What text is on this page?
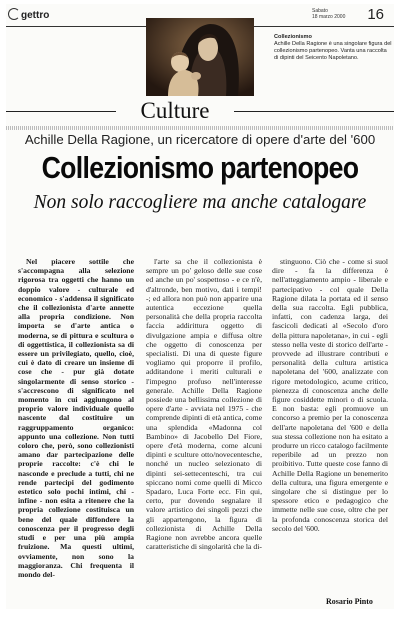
gettro	Sabato
18 marzo 2000 16
Collezionismo
Achille Della Ragione è una singolare figura del collezionismo partenopeo. Vanta una raccolta di dipinti del Seicento Napoletano.
Culture
Achille Della Ragione, un ricercatore di opere d'arte del '600
Collezionismo partenopeo
Non solo raccogliere ma anche catalogare

Nel piacere sottile che s'accompagna alla selezione rigorosa tra oggetti che hanno un doppio valore - culturale ed economico - s'addensa il significato che il collezionista d'arte annette alla propria condizione. Non importa se d'arte antica o moderna, se di pittura e scultura o di oggettistica, il collezionista sa di essere un privilegiato, quello, cioè, cui è dato di creare un insieme di cose che - pur già dotate singolarmente di senso storico - s'accrescono di significato nel momento in cui aggiungono al proprio valore individuale quello nascente dal costituire un raggruppamento organico: appunto una collezione. Non tutti coloro che, però, sono collezionisti amano dar partecipazione delle proprie raccolte: c'è chi le nasconde e preclude a tutti, chi ne rende partecipi del godimento estetico solo pochi intimi, chi - infine - non esita a ritenere che la propria collezione costituisca un bene del quale diffondere la conoscenza per il progresso degli studi e per una più ampia fruizione. Ma questi ultimi, ovviamente, non sono la maggioranza. Chi frequenta il mondo del-

l'arte sa che il collezionista è sempre un po' geloso delle sue cose ed anche un po' sospettoso - e ce n'è, d'altronde, ben motivo, dati i tempi! -; ed allora non può non apparire una autentica eccezione quella personalità che della propria raccolta faccia addirittura oggetto di divulgazione ampia e diffusa oltre che oggetto di conoscenza per specialisti. Di una di queste figure vogliamo qui proporre il profilo, additandone i meriti culturali e l'impegno profuso nell'interesse generale. Achille Della Ragione possiede una bellissima collezione di opere d'arte - avviata nel 1975 - che comprende dipinti di età antica, come una splendida «Madonna col Bambino» di Jacobello Del Fiore, opere d'età moderna, come alcuni dipinti e sculture otto/novecentesche, nonché un nucleo selezionato di dipinti sei-settecenteschi, tra cui spiccano nomi come quelli di Micco Spadaro, Luca Forte ecc. Fin qui, certo, pur dovendo segnalare il valore artistico dei singoli pezzi che gli appartengono, la figura di collezionista di Achille Della Ragione non avrebbe ancora quelle caratteristiche di singolarità che la di-

stinguono. Ciò che - come si suol dire - fa la differenza è nell'atteggiamento ampio - liberale e partecipativo - col quale Della Ragione dilata la portata ed il senso della sua raccolta. Egli pubblica, infatti, con cadenza larga, dei fascicoli dedicati al «Secolo d'oro della pittura napoletana», in cui - egli stesso nella veste di storico dell'arte - provvede ad illustrare contributi e personalità della cultura artistica napoletana del '600, analizzate con rigore metodologico, acume critico, pienezza di conoscenza anche delle figure cosiddette minori o di scuola. E non basta: egli promuove un concorso a premio per la conoscenza dell'arte napoletana del '600 e della sua stessa collezione non ha esitato a produrre un ricco catalogo facilmente reperibile ad un prezzo non proibitivo. Tutte queste cose fanno di Achille Della Ragione un benemerito della cultura, una figura emergente e singolare che si distingue per lo spessore etico e pedagogico che immette nelle sue cose, oltre che per la profonda conoscenza storica del secolo del '600.

Rosario Pinto
